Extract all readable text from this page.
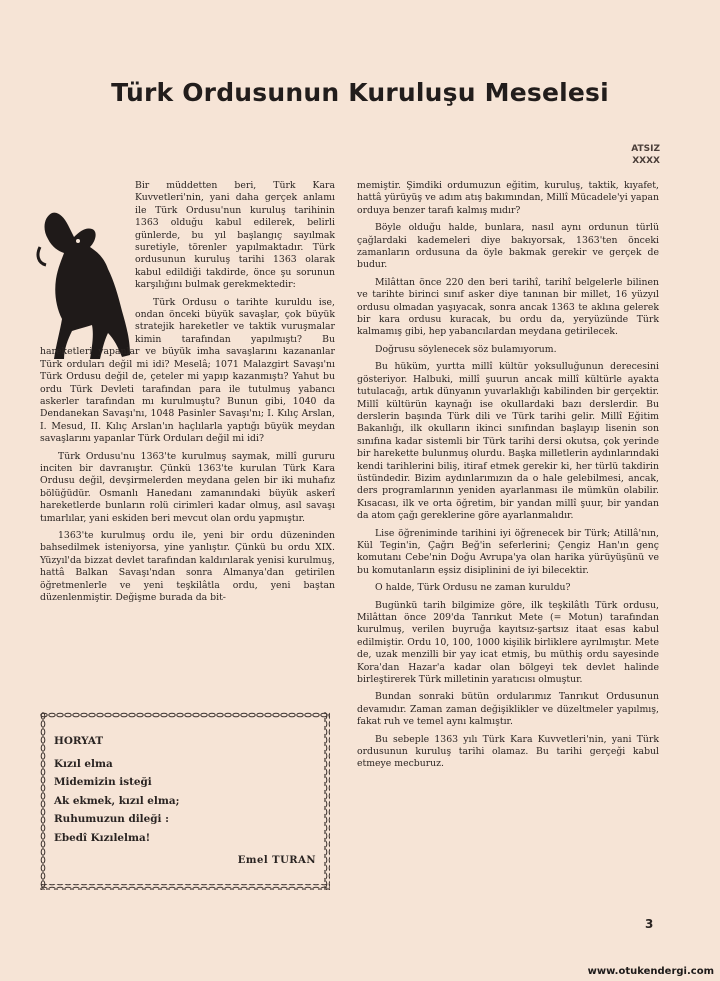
Türk Ordusunun Kuruluşu Meselesi
ATSIZ
XXXX

Bir müddetten beri, Türk Kara Kuvvetleri'nin, yani daha gerçek anlamı ile Türk Ordusu'nun kuruluş tarihinin 1363 olduğu kabul edilerek, belirli günlerde, bu yıl başlangıç sayılmak suretiyle, törenler yapılmaktadır. Türk ordusunun kuruluş tarihi 1363 olarak kabul edildiği takdirde, önce şu sorunun karşılığını bulmak gerekmektedir:

Türk Ordusu o tarihte kuruldu ise, ondan önceki büyük savaşlar, çok büyük stratejik hareketler ve taktik vuruşmalar kimin tarafından yapılmıştı? Bu hareketleri yapanlar ve büyük imha savaşlarını kazananlar Türk orduları değil mi idi? Meselâ; 1071 Malazgirt Savaşı'nı Türk Ordusu değil de, çeteler mi yapıp kazanmıştı? Yahut bu ordu Türk Devleti tarafından para ile tutulmuş yabancı askerler tarafından mı kurulmuştu? Bunun gibi, 1040 da Dendanekan Savaşı'nı, 1048 Pasinler Savaşı'nı; I. Kılıç Arslan, I. Mesud, II. Kılıç Arslan'ın haçlılarla yaptığı büyük meydan savaşlarını yapanlar Türk Orduları değil mi idi?

Türk Ordusu'nu 1363'te kurulmuş saymak, millî gururu inciten bir davranıştır. Çünkü 1363'te kurulan Türk Kara Ordusu değil, devşirmelerden meydana gelen bir iki muhafız bölüğüdür. Osmanlı Hanedanı zamanındaki büyük askerî hareketlerde bunların rolü cirimleri kadar olmuş, asıl savaşı tımarlılar, yani eskiden beri mevcut olan ordu yapmıştır.

1363'te kurulmuş ordu ile, yeni bir ordu düzeninden bahsedilmek isteniyorsa, yine yanlıştır. Çünkü bu ordu XIX. Yüzyıl'da bizzat devlet tarafından kaldırılarak yenisi kurulmuş, hattâ Balkan Savaşı'ndan sonra Almanya'dan getirilen öğretmenlerle ve yeni teşkilâtla ordu, yeni baştan düzenlenmiştir. Değişme burada da bit-

memiştir. Şimdiki ordumuzun eğitim, kuruluş, taktik, kıyafet, hattâ yürüyüş ve adım atış bakımından, Millî Mücadele'yi yapan orduya benzer tarafı kalmış mıdır?

Böyle olduğu halde, bunlara, nasıl aynı ordunun türlü çağlardaki kademeleri diye bakıyorsak, 1363'ten önceki zamanların ordusuna da öyle bakmak gerekir ve gerçek de budur.

Milâttan önce 220 den beri tarihî, tarihî belgelerle bilinen ve tarihte birinci sınıf asker diye tanınan bir millet, 16 yüzyıl ordusu olmadan yaşıyacak, sonra ancak 1363 te aklına gelerek bir kara ordusu kuracak, bu ordu da, yeryüzünde Türk kalmamış gibi, hep yabancılardan meydana getirilecek.

Doğrusu söylenecek söz bulamıyorum.

Bu hüküm, yurtta millî kültür yoksulluğunun derecesini gösteriyor. Halbuki, millî şuurun ancak millî kültürle ayakta tutulacağı, artık dünyanın yuvarlaklığı kabilinden bir gerçektir. Millî kültürün kaynağı ise okullardaki bazı derslerdir. Bu derslerin başında Türk dili ve Türk tarihi gelir. Millî Eğitim Bakanlığı, ilk okulların ikinci sınıfından başlayıp lisenin son sınıfına kadar sistemli bir Türk tarihi dersi okutsa, çok yerinde bir harekette bulunmuş olurdu. Başka milletlerin aydınlarındaki kendi tarihlerini biliş, itiraf etmek gerekir ki, her türlü takdirin üstündedir. Bizim aydınlarımızın da o hale gelebilmesi, ancak, ders programlarının yeniden ayarlanması ile mümkün olabilir. Kısacası, ilk ve orta öğretim, bir yandan millî şuur, bir yandan da atom çağı gereklerine göre ayarlanmalıdır.

Lise öğreniminde tarihini iyi öğrenecek bir Türk; Atillâ'nın, Kül Tegin'in, Çağrı Beğ'in seferlerini; Çengiz Han'ın genç komutanı Cebe'nin Doğu Avrupa'ya olan harika yürüyüşünü ve bu komutanların eşsiz disiplinini de iyi bilecektir.

O halde, Türk Ordusu ne zaman kuruldu?

Bugünkü tarih bilgimize göre, ilk teşkilâtlı Türk ordusu, Milâttan önce 209'da Tanrıkut Mete (= Motun) tarafından kurulmuş, verilen buyruğa kayıtsız-şartsız itaat esas kabul edilmiştir. Ordu 10, 100, 1000 kişilik birliklere ayrılmıştır. Mete de, uzak menzilli bir yay icat etmiş, bu müthiş ordu sayesinde Kora'dan Hazar'a kadar olan bölgeyi tek devlet halinde birleştirerek Türk milletinin yaratıcısı olmuştur.

Bundan sonraki bütün ordularımız Tanrıkut Ordusunun devamıdır. Zaman zaman değişiklikler ve düzeltmeler yapılmış, fakat ruh ve temel aynı kalmıştır.

Bu sebeple 1363 yılı Türk Kara Kuvvetleri'nin, yani Türk ordusunun kuruluş tarihi olamaz. Bu tarihi gerçeği kabul etmeye mecburuz.

HORYAT
Kızıl elma
Midemizin isteği
Ak ekmek, kızıl elma;
Ruhumuzun dileği :
Ebedî Kızılelma!
Emel TURAN
3
www.otukendergi.com
